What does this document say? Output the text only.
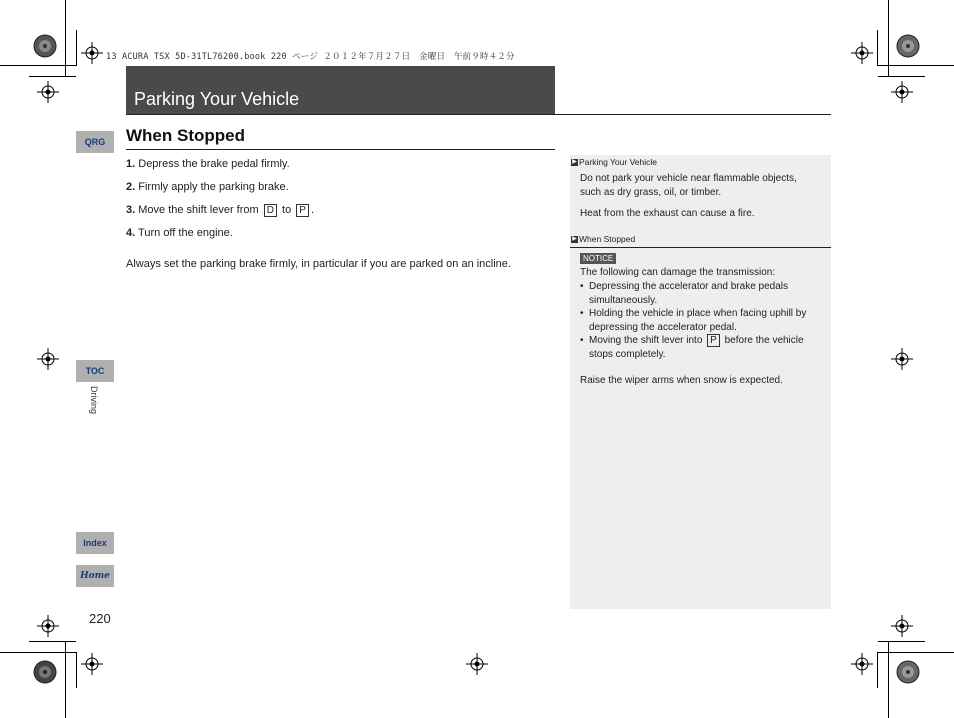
13 ACURA TSX 5D-31TL76200.book 220 ページ ２０１２年７月２７日　金曜日　午前９時４２分
Parking Your Vehicle
When Stopped
1. Depress the brake pedal firmly.
2. Firmly apply the parking brake.
3. Move the shift lever from D to P .
4. Turn off the engine.
Always set the parking brake firmly, in particular if you are parked on an incline.
▶ Parking Your Vehicle
Do not park your vehicle near flammable objects, such as dry grass, oil, or timber.
Heat from the exhaust can cause a fire.
▶ When Stopped
NOTICE
The following can damage the transmission:
• Depressing the accelerator and brake pedals simultaneously.
• Holding the vehicle in place when facing uphill by depressing the accelerator pedal.
• Moving the shift lever into P before the vehicle stops completely.
Raise the wiper arms when snow is expected.
QRG
TOC
Driving
Index
Home
220
